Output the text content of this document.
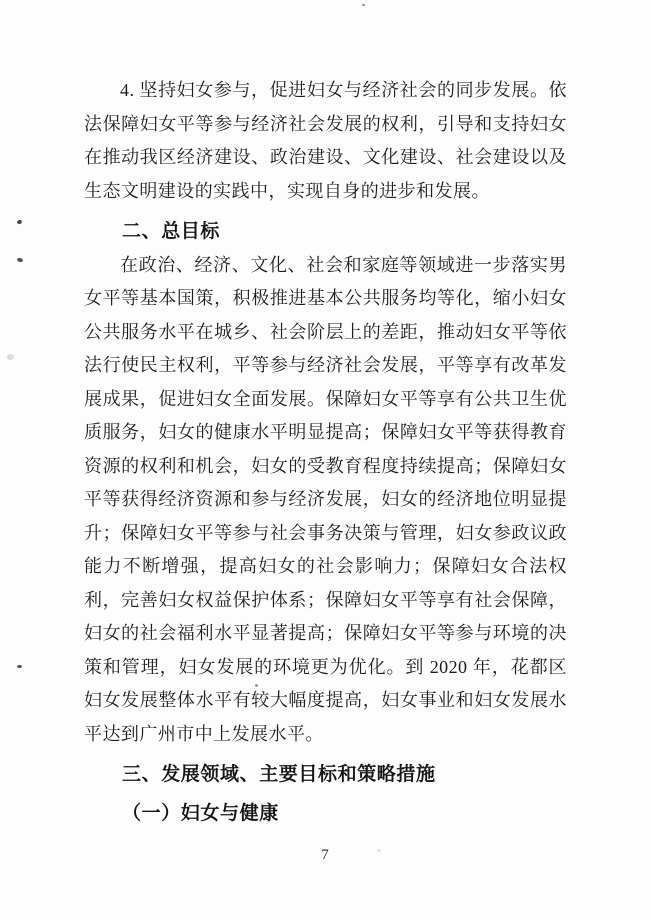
4. 坚持妇女参与，促进妇女与经济社会的同步发展。依法保障妇女平等参与经济社会发展的权利，引导和支持妇女在推动我区经济建设、政治建设、文化建设、社会建设以及生态文明建设的实践中，实现自身的进步和发展。

二、总目标

在政治、经济、文化、社会和家庭等领域进一步落实男女平等基本国策，积极推进基本公共服务均等化，缩小妇女公共服务水平在城乡、社会阶层上的差距，推动妇女平等依法行使民主权利，平等参与经济社会发展，平等享有改革发展成果，促进妇女全面发展。保障妇女平等享有公共卫生优质服务，妇女的健康水平明显提高；保障妇女平等获得教育资源的权利和机会，妇女的受教育程度持续提高；保障妇女平等获得经济资源和参与经济发展，妇女的经济地位明显提升；保障妇女平等参与社会事务决策与管理，妇女参政议政能力不断增强，提高妇女的社会影响力；保障妇女合法权利，完善妇女权益保护体系；保障妇女平等享有社会保障，妇女的社会福利水平显著提高；保障妇女平等参与环境的决策和管理，妇女发展的环境更为优化。到 2020 年，花都区妇女发展整体水平有较大幅度提高，妇女事业和妇女发展水平达到广州市中上发展水平。

三、发展领域、主要目标和策略措施
（一）妇女与健康
7
